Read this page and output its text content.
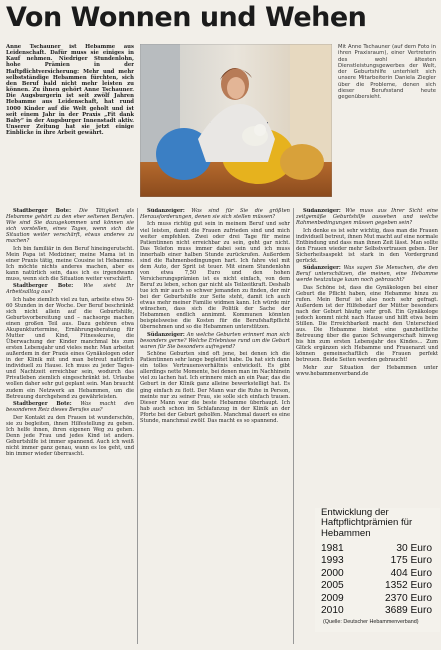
Von Wonnen und Wehen

Anne Tschauner ist Hebamme aus Leidenschaft. Dafür muss sie einiges in Kauf nehmen. Niedriger Stundenlohn, hohe Prämien in der Haftpflichtversicherung: Mehr und mehr selbstständige Hebammen fürchten, sich den Beruf bald nicht mehr leisten zu können. Zu ihnen gehört Anne Tschauner. Die Augsburgerin ist seit zwölf Jahren Hebamme aus Leidenschaft, hat rund 1000 Kinder auf die Welt geholt und ist seit einem Jahr in der Praxis „Fit dank Baby“ in der Augsburger Innenstadt aktiv. Unserer Zeitung hat sie jetzt einige Einblicke in ihre Arbeit gewährt.

Stadtberger Bote: Die Tätigkeit als Hebamme gehört zu den eher seltenen Berufen. Wie sind Sie dazugekommen und können sie sich vorstellen, eines Tages, wenn sich die Situation weiter verschärft, etwas anderes zu machen?

Ich bin familiär in den Beruf hineingerutscht. Mein Papa ist Mediziner, meine Mama ist in einer Praxis tätig, meine Cousine ist Hebamme. Ich möchte nichts anderes machen, aber es kann natürlich sein, dass ich es irgendwann muss, wenn sich die Situation weiter verschärft.

Stadtberger Bote: Wie sieht Ihr Arbeitsalltag aus?

Ich habe ziemlich viel zu tun, arbeite etwa 50-60 Stunden in der Woche. Der Beruf beschränkt sich nicht allein auf die Geburtshilfe, Geburtsvorbereitung und – nachsorge machen einen großen Teil aus. Dazu gehören etwa Akupunkturtermine, Ernährungsberatung für Mutter und Kind, Fitnesskurse, die Überwachung der Kinder manchmal bis zum ersten Lebensjahr und vieles mehr. Man arbeitet außerdem in der Praxis eines Gynäkologen oder in der Klinik mit und man betreut natürlich individuell zu Hause. Ich muss zu jeder Tages- und Nachtzeit erreichbar sein, wodurch das Privatleben ziemlich eingeschränkt ist. Urlaube wollen daher sehr gut geplant sein. Man braucht zudem ein Netzwerk an Hebammen, um die Betreuung durchgehend zu gewährleisten.

Stadtberger Bote: Was macht den besonderen Reiz dieses Berufes aus?

Der Kontakt zu den Frauen ist wunderschön, sie zu begleiten, ihnen Hilfestellung zu geben. Ich helfe ihnen, ihren eigenen Weg zu gehen. Denn jede Frau und jedes Kind ist anders. Geburtshilfe ist immer spannend. Auch ich weiß nicht immer ganz genau, wann es los geht, und bin immer wieder überrascht.

Mit Anne Tschauner (auf dem Foto in ihren Praxisraum), einer Vertreterin des wohl ältesten Dienstleistungsgewerbes der Welt, der Geburtshilfe unterhielt sich unsere Mitarbeiterin Daniela Ziegler über die Probleme, denen sich dieser Berufsstand heute gegenübersieht.

Südanzeiger: Was sind für Sie die größten Herausforderungen, denen sie sich stellen müssen?

Ich muss richtig gut sein in meinem Beruf und sehr viel leisten, damit die Frauen zufrieden sind und mich weiter empfehlen. Zwei oder drei Tage für meine Patientinnen nicht erreichbar zu sein, geht gar nicht. Das Telefon muss immer dabei sein und ich muss innerhalb einer halben Stunde zurückrufen. Außerdem sind die Rahmenbedingungen hart. Ich fahre viel mit dem Auto, der Sprit ist teuer. Mit einem Stundenlohn von etwa 7,50 Euro und den hohen Versicherungsprämien ist es nicht einfach, von dem Beruf zu leben, schon gar nicht als Teilzeitkraft. Deshalb tue ich mir auch so schwer jemanden zu finden, der mir bei der Geburtshilfe zur Seite steht, damit ich auch etwas mehr meiner Familie widmen kann. Ich würde mir wünschen, dass sich die Politik der Sache der Hebammen endlich annimmt. Kommunen könnten beispielsweise die Kosten für die Berufshaftpflicht übernehmen und so die Hebammen unterstützen.

Südanzeiger: An welche Geburten erinnert man sich besonders gerne? Welche Erlebnisse rund um die Geburt waren für Sie besonders aufregend?

Schöne Geburten sind oft jene, bei denen ich die Patientinnen sehr lange begleitet habe. Da hat sich dann ein tolles Vertrauensverhältnis entwickelt. Es gibt allerdings nette Momente, bei denen man im Nachhinein viel zu lachen hat. Ich erinnere mich an ein Paar, das die Geburt in der Klinik ganz alleine bewerkstelligt hat. Es ging einfach zu flott. Der Mann war die Ruhe in Person, meinte nur zu seiner Frau, sie solle sich einfach trauen. Dieser Mann war die beste Hebamme überhaupt. Ich hab auch schon im Schlafanzug in der Klinik an der Pforte bei der Geburt geholfen. Manchmal dauert es eine Stunde, manchmal zwölf. Das macht es so spannend.

Südanzeiger: Wie muss aus Ihrer Sicht eine zeitgemäße Geburtshilfe aussehen und welche Rahmenbedingungen müssen gegeben sein?

Ich denke es ist sehr wichtig, dass man die Frauen individuell betreut, ihnen Mut macht auf eine normale Entbindung und dass man ihnen Zeit lässt. Man sollte den Frauen wieder mehr Selbstvertrauen geben. Der Sicherheitsaspekt ist stark in den Vordergrund gerückt.

Südanzeiger: Was sagen Sie Menschen, die den Beruf unterschätzen, die meinen, eine Hebamme werde heutzutage kaum noch gebraucht?

Das Schöne ist, dass die Gynäkologen bei einer Geburt die Pflicht haben, eine Hebamme hinzu zu rufen. Mein Beruf ist also noch sehr gefragt. Außerdem ist der Hilfebedarf der Mütter besonders nach der Geburt häufig sehr groß. Ein Gynäkologe jedoch kommt nicht nach Hause und hilft etwa beim Stillen. Die Erreichbarkeit macht den Unterschied aus. Die Hebamme bietet eine ganzheitliche Betreuung über die ganze Schwangerschaft hinweg bis hin zum ersten Lebensjahr des Kindes... Zum Glück ergänzen sich Hebamme und Frauenarzt und können gemeinschaftlich die Frauen perfekt betreuen. Beide Seiten werden gebraucht!

Mehr zur Situation der Hebammen unter www.hebammenverband.de

Entwicklung der Haftpflichtprämien für Hebammen
1981	30 Euro
1993	175 Euro
2000	404 Euro
2005	1352 Euro
2009	2370 Euro
2010	3689 Euro
(Quelle: Deutscher Hebammenverband)
